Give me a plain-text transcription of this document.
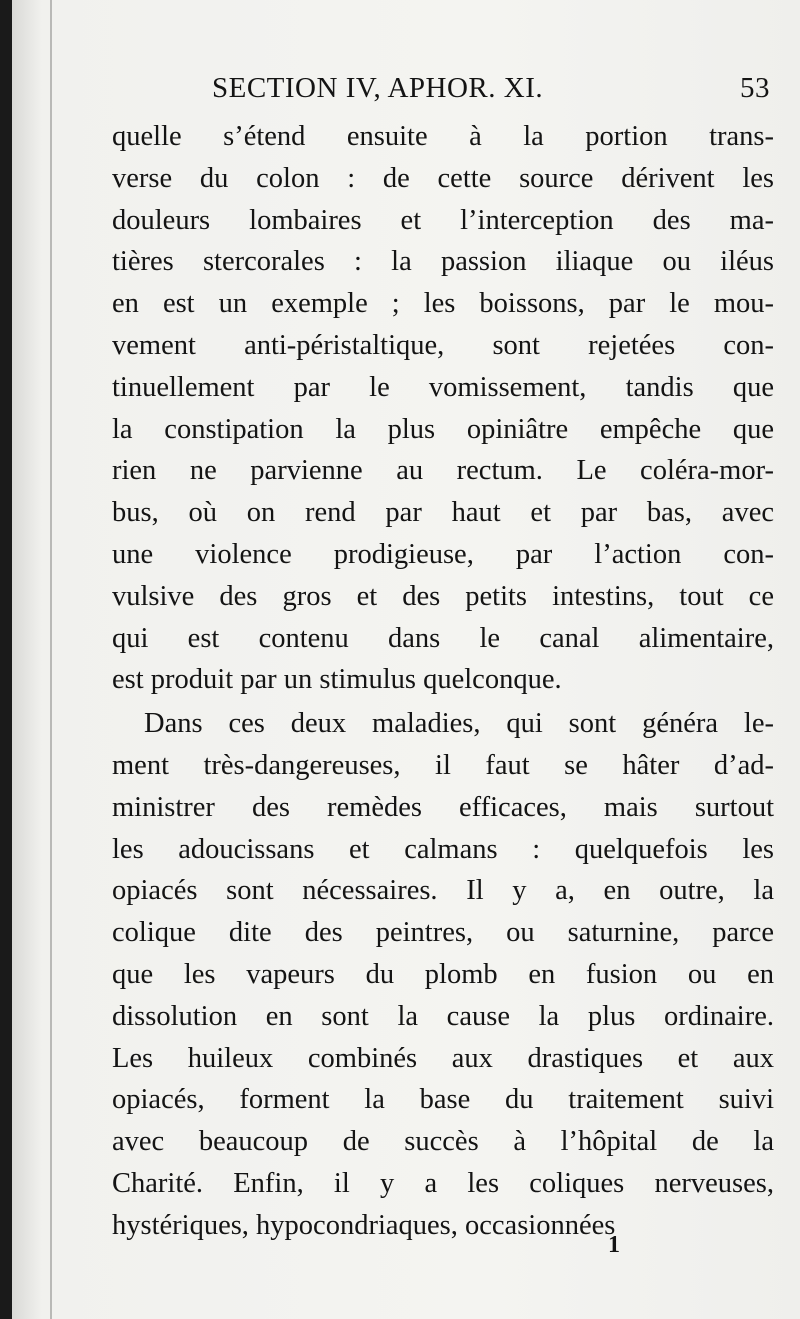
SECTION IV, APHOR. XI.	53
quelle s’étend ensuite à la portion trans-
verse du colon : de cette source dérivent les
douleurs lombaires et l’interception des ma-
tières stercorales : la passion iliaque ou iléus
en est un exemple ; les boissons, par le mou-
vement anti-péristaltique, sont rejetées con-
tinuellement par le vomissement, tandis que
la constipation la plus opiniâtre empêche que
rien ne parvienne au rectum. Le coléra-mor-
bus, où on rend par haut et par bas, avec
une violence prodigieuse, par l’action con-
vulsive des gros et des petits intestins, tout ce
qui est contenu dans le canal alimentaire,
est produit par un stimulus quelconque.
Dans ces deux maladies, qui sont généra le-
ment très-dangereuses, il faut se hâter d’ad-
ministrer des remèdes efficaces, mais surtout
les adoucissans et calmans : quelquefois les
opiacés sont nécessaires. Il y a, en outre, la
colique dite des peintres, ou saturnine, parce
que les vapeurs du plomb en fusion ou en
dissolution en sont la cause la plus ordinaire.
Les huileux combinés aux drastiques et aux
opiacés, forment la base du traitement suivi
avec beaucoup de succès à l’hôpital de la
Charité. Enfin, il y a les coliques nerveuses,
hystériques, hypocondriaques, occasionnées
1
